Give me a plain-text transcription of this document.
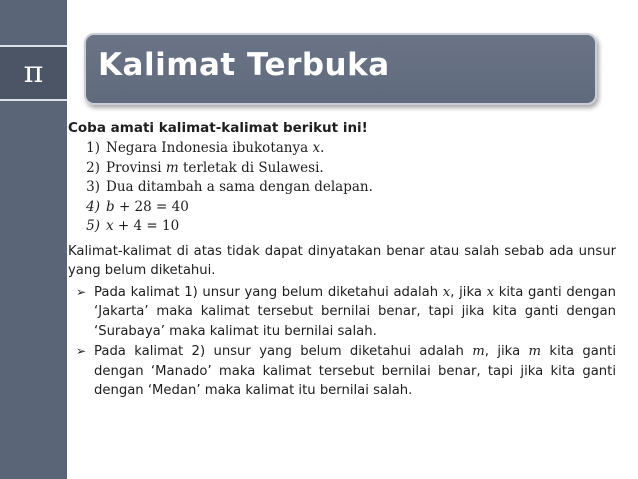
π	Kalimat Terbuka
Coba amati kalimat-kalimat berikut ini!
1) Negara Indonesia ibukotanya x.
2) Provinsi m terletak di Sulawesi.
3) Dua ditambah a sama dengan delapan.
4) b + 28 = 40
5) x + 4 = 10
Kalimat-kalimat di atas tidak dapat dinyatakan benar atau salah sebab ada unsur yang belum diketahui.
➢ Pada kalimat 1) unsur yang belum diketahui adalah x, jika x kita ganti dengan ‘Jakarta’ maka kalimat tersebut bernilai benar, tapi jika kita ganti dengan ‘Surabaya’ maka kalimat itu bernilai salah.
➢ Pada kalimat 2) unsur yang belum diketahui adalah m, jika m kita ganti dengan ‘Manado’ maka kalimat tersebut bernilai benar, tapi jika kita ganti dengan ‘Medan’ maka kalimat itu bernilai salah.
